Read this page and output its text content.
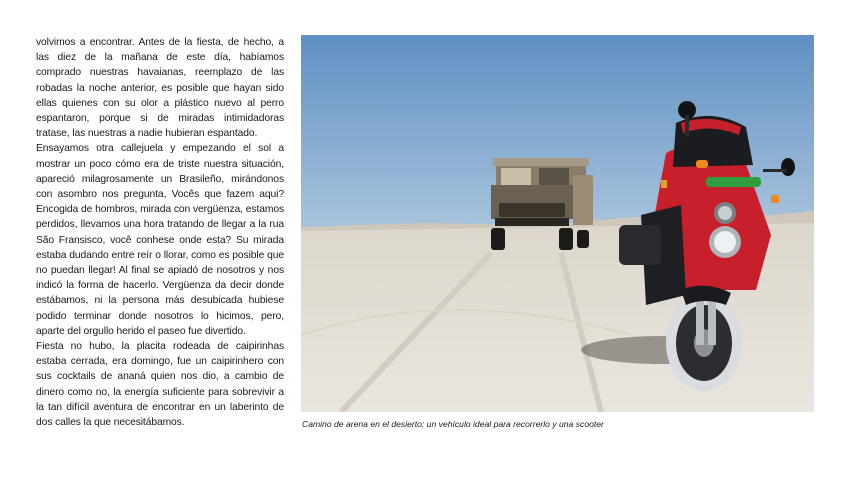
volvimos a encontrar. Antes de la fiesta, de hecho, a las diez de la mañana de este día, habíamos comprado nuestras havaianas, reemplazo de las robadas la noche anterior, es posible que hayan sido ellas quienes con su olor a plástico nuevo al perro espantaron, porque si de miradas intimidadoras tratase, las nuestras a nadie hubieran espantado.

Ensayamos otra callejuela y empezando el sol a mostrar un poco cómo era de triste nuestra situación, apareció milagrosamente un Brasileño, mirándonos con asombro nos pregunta, Vocês que fazem aqui? Encogida de hombros, mirada con vergüenza, estamos perdidos, llevamos una hora tratando de llegar a la rua São Fransisco, você conhese onde esta? Su mirada estaba dudando entre reír o llorar, como es posible que no puedan llegar! Al final se apiadó de nosotros y nos indicó la forma de hacerlo. Vergüenza da decir donde estábamos, ni la persona más desubicada hubiese podido terminar donde nosotros lo hicimos, pero, aparte del orgullo herido el paseo fue divertido.

Fiesta no hubo, la placita rodeada de caipirinhas estaba cerrada, era domingo, fue un caipirinhero con sus cocktails de ananá quien nos dio, a cambio de dinero como no, la energía suficiente para sobrevivir a la tan difícil aventura de encontrar en un laberinto de dos calles la que necesitábamos.	Camino de arena en el desierto; un vehículo ideal para recorrerlo y una scooter
